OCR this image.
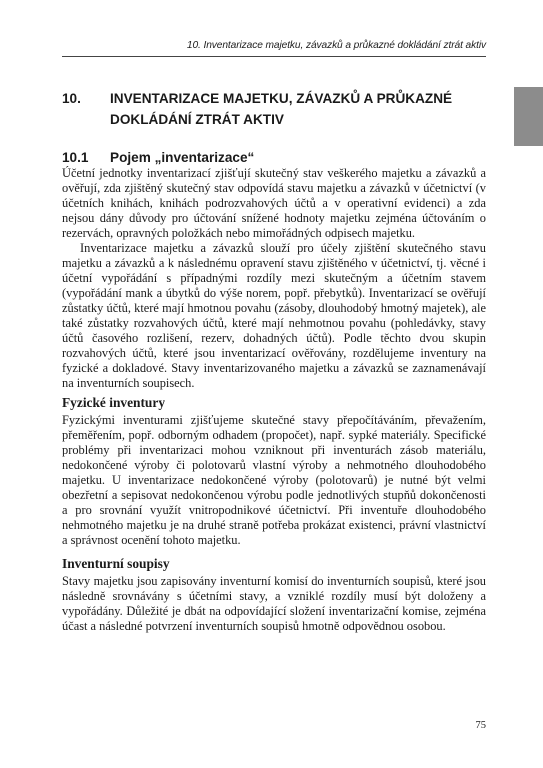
10. Inventarizace majetku, závazků a průkazné dokládání ztrát aktiv
10. INVENTARIZACE MAJETKU, ZÁVAZKŮ A PRŮKAZNÉ DOKLÁDÁNÍ ZTRÁT AKTIV
10.1 Pojem „inventarizace“

Účetní jednotky inventarizací zjišťují skutečný stav veškerého majetku a závazků a ověřují, zda zjištěný skutečný stav odpovídá stavu majetku a závazků v účetnictví (v účetních knihách, knihách podrozvahových účtů a v operativní evidenci) a zda nejsou dány důvody pro účtování snížené hodnoty majetku zejména účtováním o rezervách, opravných položkách nebo mimořádných odpisech majetku.

Inventarizace majetku a závazků slouží pro účely zjištění skutečného stavu majetku a závazků a k následnému opravení stavu zjištěného v účetnictví, tj. věcné i účetní vypořádání s případnými rozdíly mezi skutečným a účetním stavem (vypořádání mank a úbytků do výše norem, popř. přebytků). Inventarizací se ověřují zůstatky účtů, které mají hmotnou povahu (zásoby, dlouhodobý hmotný majetek), ale také zůstatky rozvahových účtů, které mají nehmotnou povahu (pohledávky, stavy účtů časového rozlišení, rezerv, dohadných účtů). Podle těchto dvou skupin rozvahových účtů, které jsou inventarizací ověřovány, rozdělujeme inventury na fyzické a dokladové. Stavy inventarizovaného majetku a závazků se zaznamenávají na inventurních soupisech.

Fyzické inventury

Fyzickými inventurami zjišťujeme skutečné stavy přepočítáváním, převažením, přeměřením, popř. odborným odhadem (propočet), např. sypké materiály. Specifické problémy při inventarizaci mohou vzniknout při inventurách zásob materiálu, nedokončené výroby či polotovarů vlastní výroby a nehmotného dlouhodobého majetku. U inventarizace nedokončené výroby (polotovarů) je nutné být velmi obezřetní a sepisovat nedokončenou výrobu podle jednotlivých stupňů dokončenosti a pro srovnání využít vnitropodnikové účetnictví. Při inventuře dlouhodobého nehmotného majetku je na druhé straně potřeba prokázat existenci, právní vlastnictví a správnost ocenění tohoto majetku.

Inventurní soupisy

Stavy majetku jsou zapisovány inventurní komisí do inventurních soupisů, které jsou následně srovnávány s účetními stavy, a vzniklé rozdíly musí být doloženy a vypořádány. Důležité je dbát na odpovídající složení inventarizační komise, zejména účast a následné potvrzení inventurních soupisů hmotně odpovědnou osobou.

75
